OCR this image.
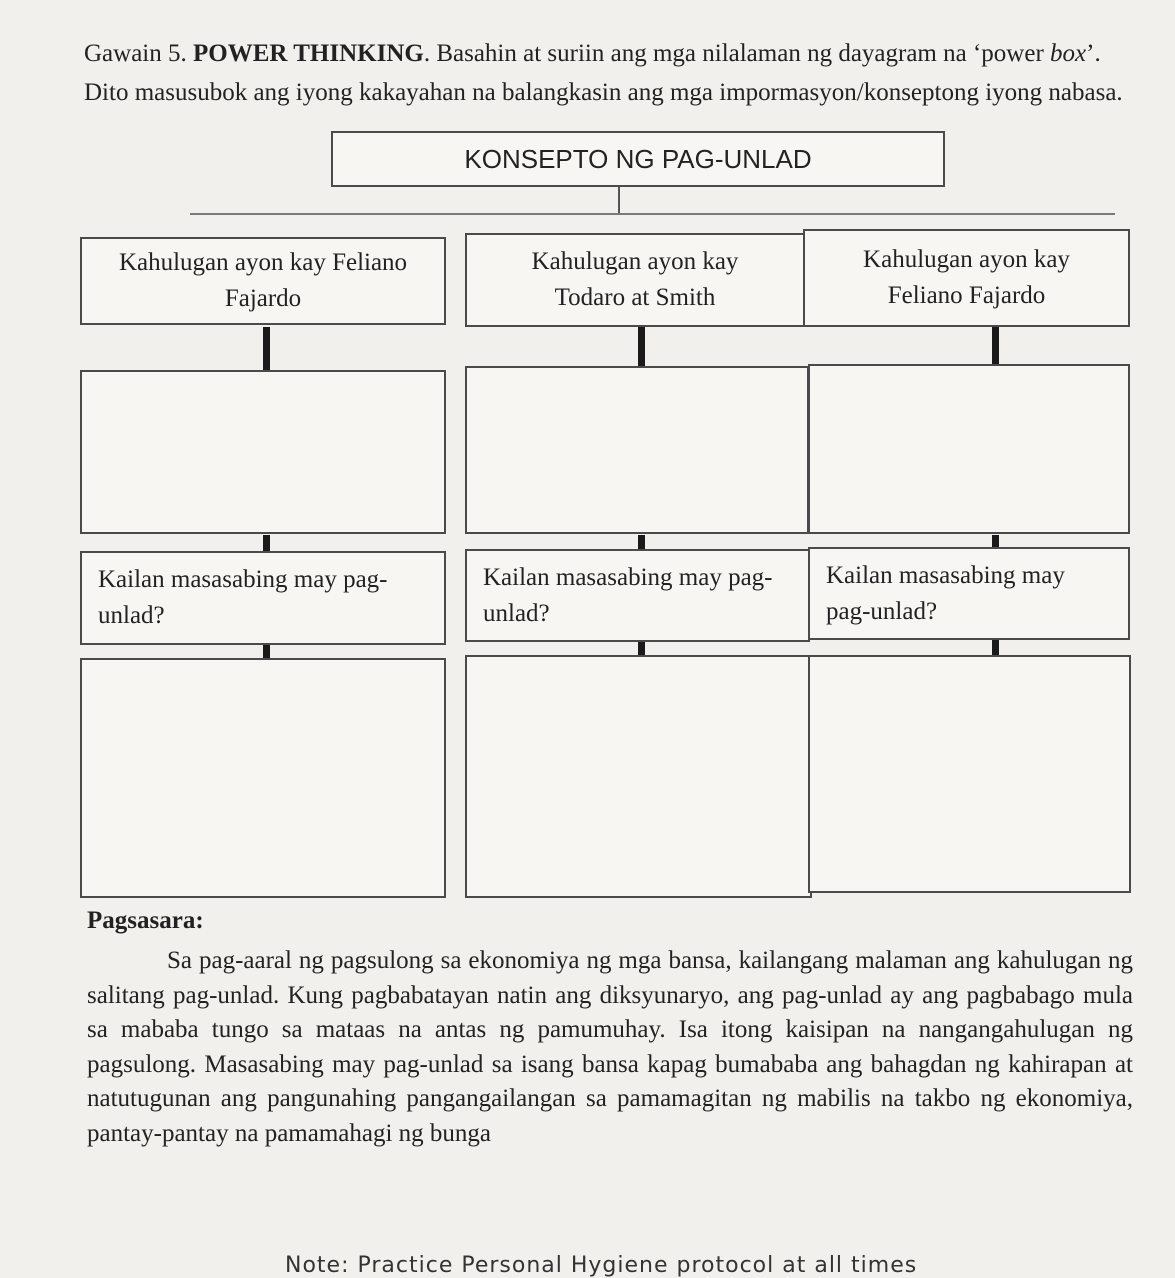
Gawain 5. POWER THINKING. Basahin at suriin ang mga nilalaman ng dayagram na ‘power box’. Dito masusubok ang iyong kakayahan na balangkasin ang mga impormasyon/konseptong iyong nabasa.

KONSEPTO NG PAG-UNLAD
Kahulugan ayon kay Feliano Fajardo
Kailan masasabing may pag-unlad?
Kahulugan ayon kay Todaro at Smith
Kailan masasabing may pag-unlad?
Kahulugan ayon kay Feliano Fajardo
Kailan masasabing may pag-unlad?

Pagsasara:

Sa pag-aaral ng pagsulong sa ekonomiya ng mga bansa, kailangang malaman ang kahulugan ng salitang pag-unlad. Kung pagbabatayan natin ang diksyunaryo, ang pag-unlad ay ang pagbabago mula sa mababa tungo sa mataas na antas ng pamumuhay. Isa itong kaisipan na nangangahulugan ng pagsulong. Masasabing may pag-unlad sa isang bansa kapag bumababa ang bahagdan ng kahirapan at natutugunan ang pangunahing pangangailangan sa pamamagitan ng mabilis na takbo ng ekonomiya, pantay-pantay na pamamahagi ng bunga

Note: Practice Personal Hygiene protocol at all times
